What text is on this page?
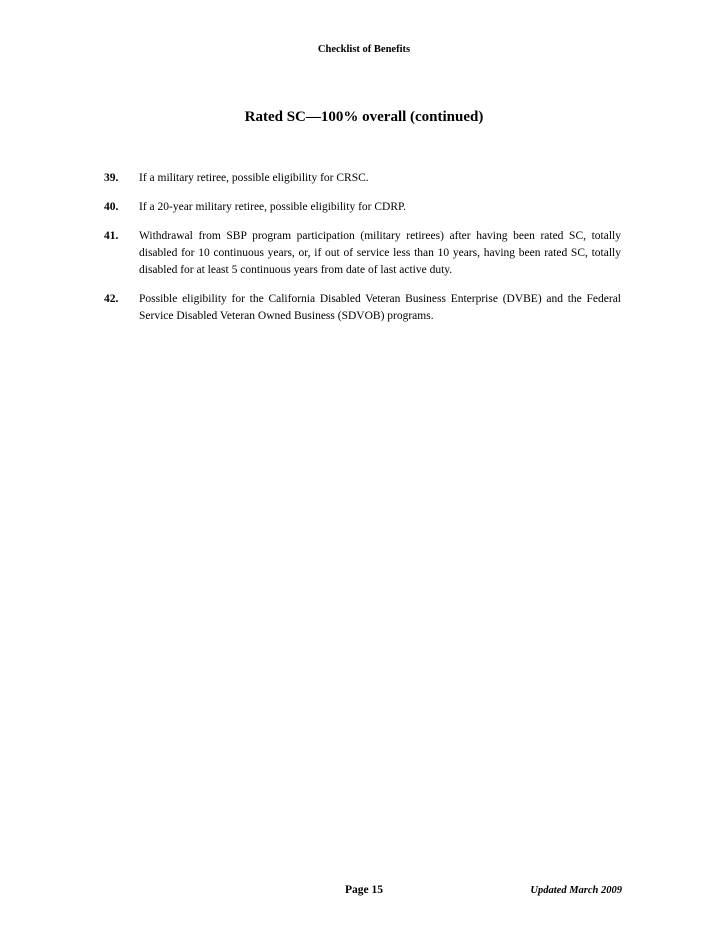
Checklist of Benefits
Rated SC—100% overall (continued)
39.	If a military retiree, possible eligibility for CRSC.
40.	If a 20-year military retiree, possible eligibility for CDRP.
41.	Withdrawal from SBP program participation (military retirees) after having been rated SC, totally disabled for 10 continuous years, or, if out of service less than 10 years, having been rated SC, totally disabled for at least 5 continuous years from date of last active duty.
42.	Possible eligibility for the California Disabled Veteran Business Enterprise (DVBE) and the Federal Service Disabled Veteran Owned Business (SDVOB) programs.
Page 15	Updated March 2009
